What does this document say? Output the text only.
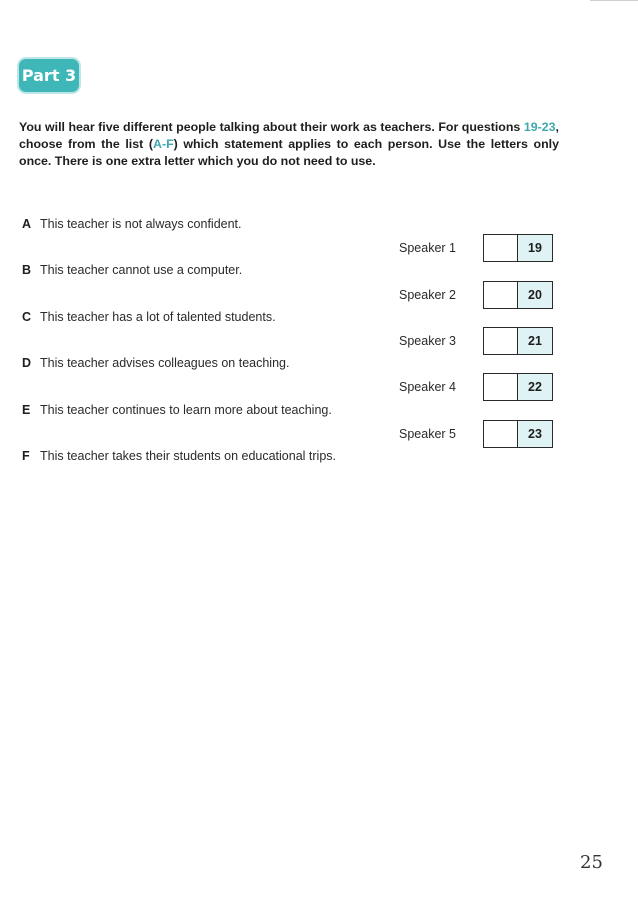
Part 3

You will hear five different people talking about their work as teachers. For questions 19-23, choose from the list (A-F) which statement applies to each person. Use the letters only once. There is one extra letter which you do not need to use.

A This teacher is not always confident.
B This teacher cannot use a computer.
C This teacher has a lot of talented students.
D This teacher advises colleagues on teaching.
E This teacher continues to learn more about teaching.
F This teacher takes their students on educational trips.
Speaker 1	19
Speaker 2	20
Speaker 3	21
Speaker 4	22
Speaker 5	23
25
